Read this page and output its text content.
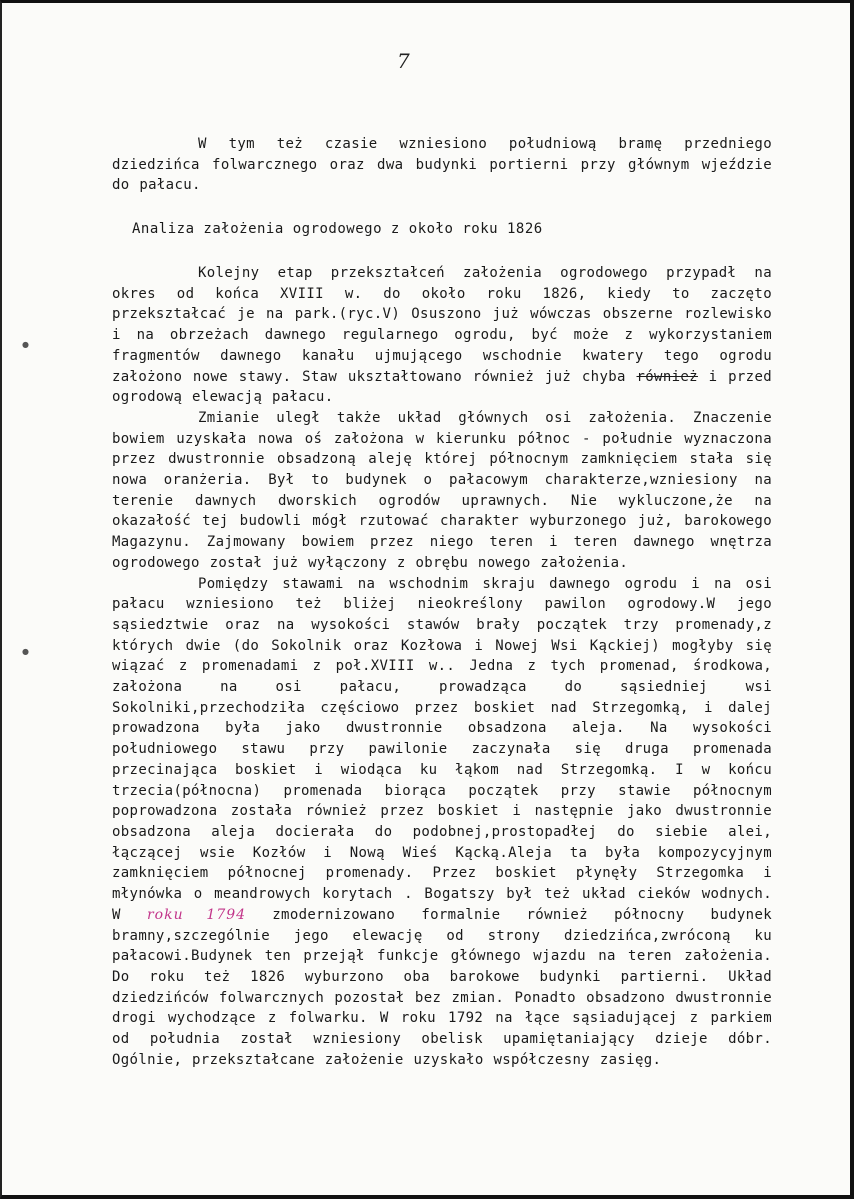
7
W tym też czasie wzniesiono południową bramę przedniego dziedzińca folwarcznego oraz dwa budynki portierni przy głównym wjeździe do pałacu.
Analiza założenia ogrodowego z około roku 1826

Kolejny etap przekształceń założenia ogrodowego przypadł na okres od końca XVIII w. do około roku 1826, kiedy to zaczęto przekształcać je na park.(ryc.V) Osuszono już wówczas obszerne rozlewisko i na obrzeżach dawnego regularnego ogrodu, być może z wykorzystaniem fragmentów dawnego kanału ujmującego wschodnie kwatery tego ogrodu założono nowe stawy. Staw ukształtowano również już chyba również i przed ogrodową elewacją pałacu.

Zmianie uległ także układ głównych osi założenia. Znaczenie bowiem uzyskała nowa oś założona w kierunku północ - południe wyznaczona przez dwustronnie obsadzoną aleję której północnym zamknięciem stała się nowa oranżeria. Był to budynek o pałacowym charakterze,wzniesiony na terenie dawnych dworskich ogrodów uprawnych. Nie wykluczone,że na okazałość tej budowli mógł rzutować charakter wyburzonego już, barokowego Magazynu. Zajmowany bowiem przez niego teren i teren dawnego wnętrza ogrodowego został już wyłączony z obrębu nowego założenia.

Pomiędzy stawami na wschodnim skraju dawnego ogrodu i na osi pałacu wzniesiono też bliżej nieokreślony pawilon ogrodowy.W jego sąsiedztwie oraz na wysokości stawów brały początek trzy promenady,z których dwie (do Sokolnik oraz Kozłowa i Nowej Wsi Kąckiej) mogłyby się wiązać z promenadami z poł.XVIII w.. Jedna z tych promenad, środkowa, założona na osi pałacu, prowadząca do sąsiedniej wsi Sokolniki,przechodziła częściowo przez boskiet nad Strzegomką, i dalej prowadzona była jako dwustronnie obsadzona aleja. Na wysokości południowego stawu przy pawilonie zaczynała się druga promenada przecinająca boskiet i wiodąca ku łąkom nad Strzegomką. I w końcu trzecia(północna) promenada biorąca początek przy stawie północnym poprowadzona została również przez boskiet i następnie jako dwustronnie obsadzona aleja docierała do podobnej,prostopadłej do siebie alei, łączącej wsie Kozłów i Nową Wieś Kącką.Aleja ta była kompozycyjnym zamknięciem północnej promenady. Przez boskiet płynęły Strzegomka i młynówka o meandrowych korytach . Bogatszy był też układ cieków wodnych. W roku 1794 zmodernizowano formalnie również północny budynek bramny,szczególnie jego elewację od strony dziedzińca,zwróconą ku pałacowi.Budynek ten przejął funkcje głównego wjazdu na teren założenia. Do roku też 1826 wyburzono oba barokowe budynki partierni. Układ dziedzińców folwarcznych pozostał bez zmian. Ponadto obsadzono dwustronnie drogi wychodzące z folwarku. W roku 1792 na łące sąsiadującej z parkiem od południa został wzniesiony obelisk upamiętaniający dzieje dóbr. Ogólnie, przekształcane założenie uzyskało współczesny zasięg.

●
●
